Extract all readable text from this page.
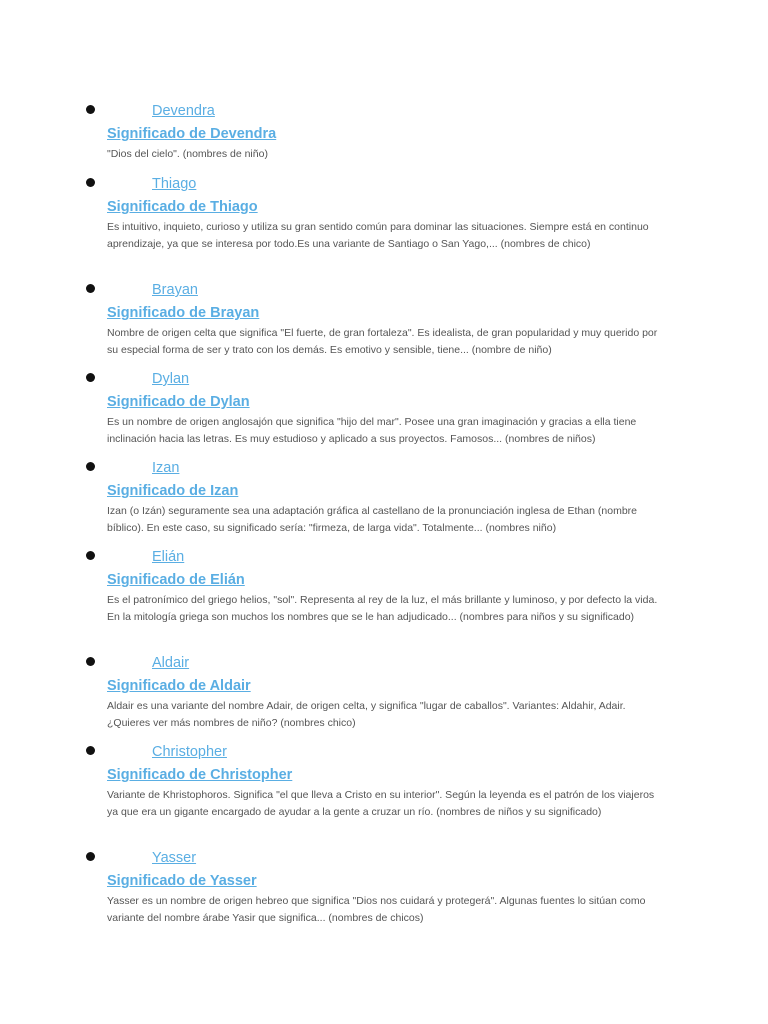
Devendra
Significado de Devendra

"Dios del cielo". (nombres de niño)

Thiago
Significado de Thiago

Es intuitivo, inquieto, curioso y utiliza su gran sentido común para dominar las situaciones. Siempre está en continuo aprendizaje, ya que se interesa por todo.Es una variante de Santiago o San Yago,... (nombres de chico)

Brayan
Significado de Brayan

Nombre de origen celta que significa "El fuerte, de gran fortaleza". Es idealista, de gran popularidad y muy querido por su especial forma de ser y trato con los demás. Es emotivo y sensible, tiene... (nombre de niño)

Dylan
Significado de Dylan

Es un nombre de origen anglosajón que significa "hijo del mar". Posee una gran imaginación y gracias a ella tiene inclinación hacia las letras. Es muy estudioso y aplicado a sus proyectos. Famosos... (nombres de niños)

Izan
Significado de Izan

Izan (o Izán) seguramente sea una adaptación gráfica al castellano de la pronunciación inglesa de Ethan (nombre bíblico). En este caso, su significado sería: "firmeza, de larga vida". Totalmente... (nombres niño)

Elián
Significado de Elián

Es el patronímico del griego helios, "sol". Representa al rey de la luz, el más brillante y luminoso, y por defecto la vida. En la mitología griega son muchos los nombres que se le han adjudicado... (nombres para niños y su significado)

Aldair
Significado de Aldair

Aldair es una variante del nombre Adair, de origen celta, y significa "lugar de caballos". Variantes: Aldahir, Adair. ¿Quieres ver más nombres de niño? (nombres chico)

Christopher
Significado de Christopher

Variante de Khristophoros. Significa "el que lleva a Cristo en su interior". Según la leyenda es el patrón de los viajeros ya que era un gigante encargado de ayudar a la gente a cruzar un río. (nombres de niños y su significado)

Yasser
Significado de Yasser

Yasser es un nombre de origen hebreo que significa "Dios nos cuidará y protegerá". Algunas fuentes lo sitúan como variante del nombre árabe Yasir que significa... (nombres de chicos)
